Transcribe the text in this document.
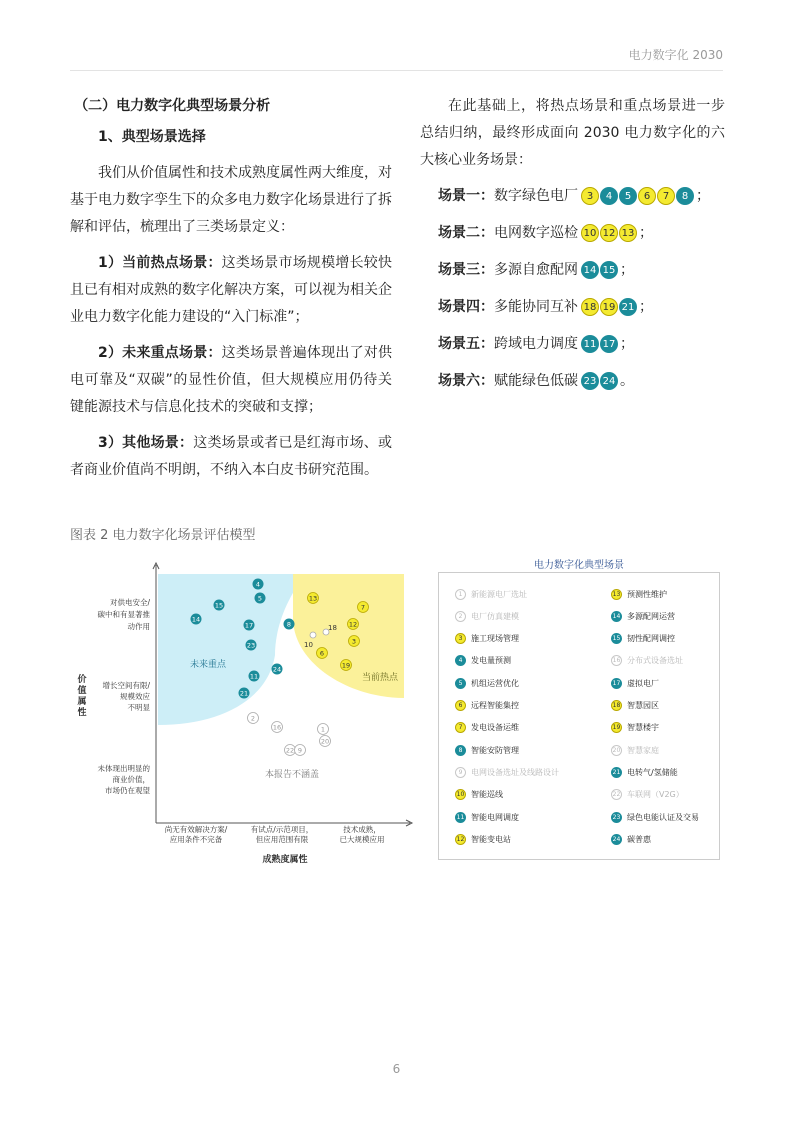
电力数字化 2030

（二）电力数字化典型场景分析

1、典型场景选择

我们从价值属性和技术成熟度属性两大维度，对基于电力数字孪生下的众多电力数字化场景进行了拆解和评估，梳理出了三类场景定义：

1）当前热点场景：这类场景市场规模增长较快且已有相对成熟的数字化解决方案，可以视为相关企业电力数字化能力建设的“入门标准”；

2）未来重点场景：这类场景普遍体现出了对供电可靠及“双碳”的显性价值，但大规模应用仍待关键能源技术与信息化技术的突破和支撑；

3）其他场景：这类场景或者已是红海市场、或者商业价值尚不明朗，不纳入本白皮书研究范围。

在此基础上，将热点场景和重点场景进一步总结归纳，最终形成面向 2030 电力数字化的六大核心业务场景：

场景一： 数字绿色电厂 3	4	5	6	7	8 ；
场景二： 电网数字巡检 10 12 13 ；
场景三： 多源自愈配网 14 15 ；
场景四： 多能协同互补 18 19 21 ；
场景五： 跨域电力调度 11 17 ；
场景六： 赋能绿色低碳 23 24 。
图表 2 电力数字化场景评估模型
未来重点
当前热点
本报告不涵盖
对供电安全/碳中和有显著推动作用
增长空间有限/规模效应不明显
未体现出明显的商业价值，市场仍在观望
价
值
属
性
尚无有效解决方案/应用条件不完备
有试点/示范项目，但应用范围有限
技术成熟，已大规模应用
成熟度属性
4
5
15
14
17	8
23
24
11
21
13
7
12
3
6
19
18
10
2
16	1
20
22 9
电力数字化典型场景
1	新能源电厂选址
2	电厂仿真建模
3	施工现场管理
4	发电量预测
5	机组运营优化
6	远程智能集控
7	发电设备运维
8	智能安防管理
9	电网设备选址及线路设计
10 智能巡线
11 智能电网调度
12 智能变电站
13 预测性维护
14 多源配网运营
15 韧性配网调控
16 分布式设备选址
17 虚拟电厂
18 智慧园区
19 智慧楼宇
20 智慧家庭
21 电转气/氢储能
22 车联网（V2G）
23 绿色电能认证及交易
24 碳普惠
6
